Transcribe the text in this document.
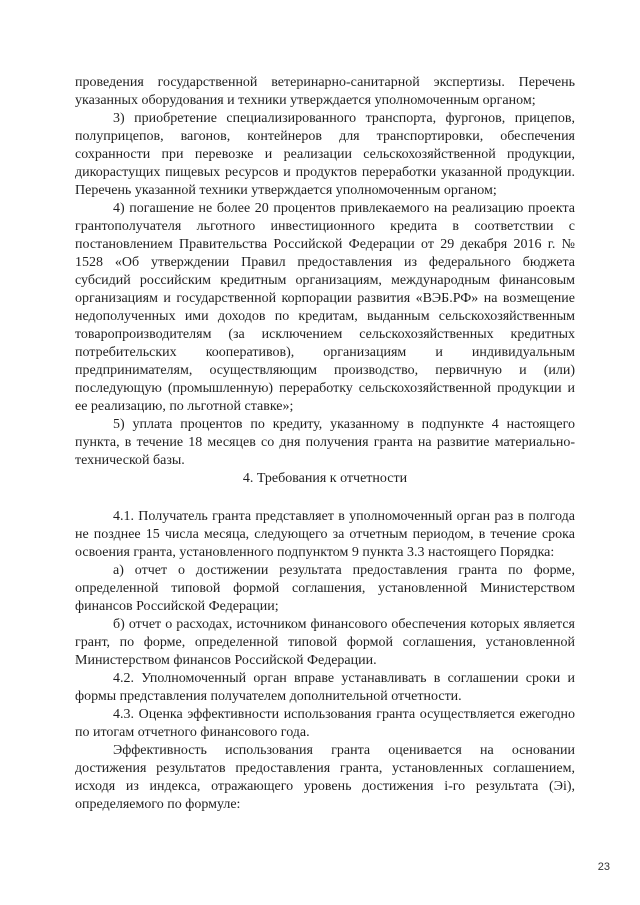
проведения государственной ветеринарно-санитарной экспертизы. Перечень указанных оборудования и техники утверждается уполномоченным органом;

3) приобретение специализированного транспорта, фургонов, прицепов, полуприцепов, вагонов, контейнеров для транспортировки, обеспечения сохранности при перевозке и реализации сельскохозяйственной продукции, дикорастущих пищевых ресурсов и продуктов переработки указанной продукции. Перечень указанной техники утверждается уполномоченным органом;

4) погашение не более 20 процентов привлекаемого на реализацию проекта грантополучателя льготного инвестиционного кредита в соответствии с постановлением Правительства Российской Федерации от 29 декабря 2016 г. № 1528 «Об утверждении Правил предоставления из федерального бюджета субсидий российским кредитным организациям, международным финансовым организациям и государственной корпорации развития «ВЭБ.РФ» на возмещение недополученных ими доходов по кредитам, выданным сельскохозяйственным товаропроизводителям (за исключением сельскохозяйственных кредитных потребительских кооперативов), организациям и индивидуальным предпринимателям, осуществляющим производство, первичную и (или) последующую (промышленную) переработку сельскохозяйственной продукции и ее реализацию, по льготной ставке»;

5) уплата процентов по кредиту, указанному в подпункте 4 настоящего пункта, в течение 18 месяцев со дня получения гранта на развитие материально-технической базы.

4. Требования к отчетности

4.1. Получатель гранта представляет в уполномоченный орган раз в полгода не позднее 15 числа месяца, следующего за отчетным периодом, в течение срока освоения гранта, установленного подпунктом 9 пункта 3.3 настоящего Порядка:

а) отчет о достижении результата предоставления гранта по форме, определенной типовой формой соглашения, установленной Министерством финансов Российской Федерации;

б) отчет о расходах, источником финансового обеспечения которых является грант, по форме, определенной типовой формой соглашения, установленной Министерством финансов Российской Федерации.

4.2. Уполномоченный орган вправе устанавливать в соглашении сроки и формы представления получателем дополнительной отчетности.

4.3. Оценка эффективности использования гранта осуществляется ежегодно по итогам отчетного финансового года.

Эффективность использования гранта оценивается на основании достижения результатов предоставления гранта, установленных соглашением, исходя из индекса, отражающего уровень достижения i-го результата (Эi), определяемого по формуле:

23
